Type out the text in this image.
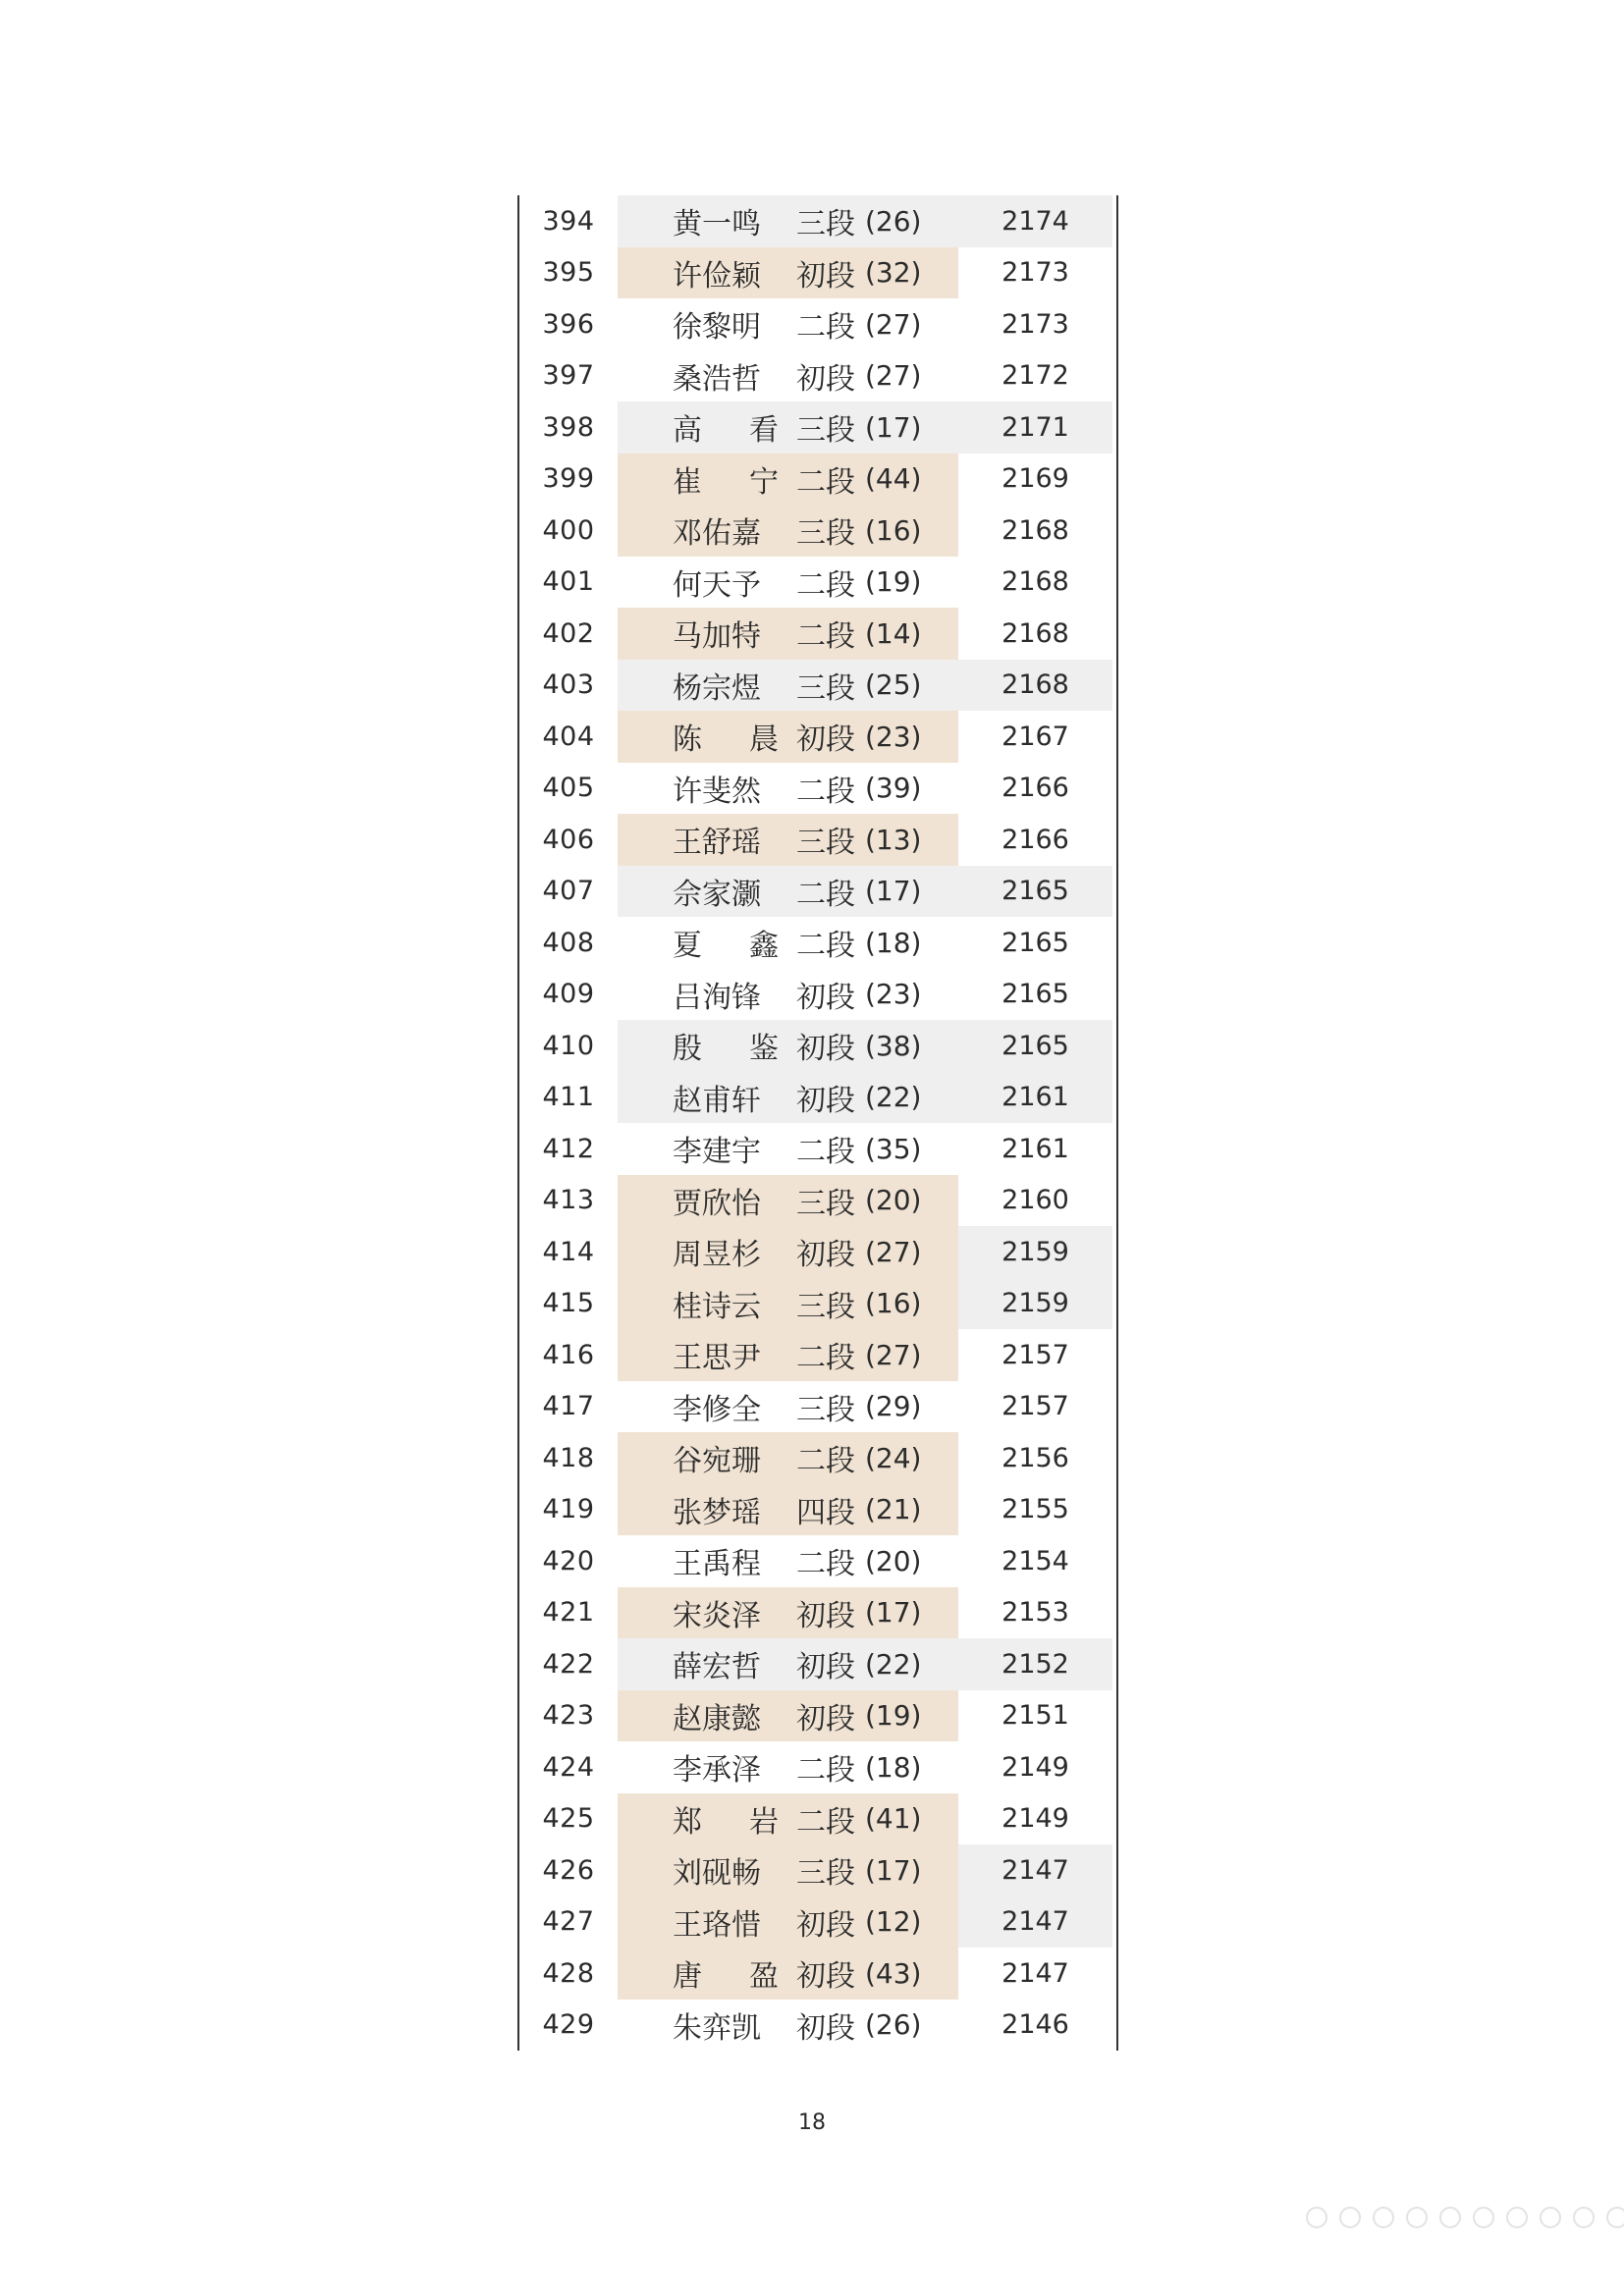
394	黄一鸣	三段 (26)	2174
395	许俭颖	初段 (32)	2173
396	徐黎明	二段 (27)	2173
397	桑浩哲	初段 (27)	2172
398	高 看 三段 (17)	2171
399	崔 宁 二段 (44)	2169
400	邓佑嘉	三段 (16)	2168
401	何天予	二段 (19)	2168
402	马加特	二段 (14)	2168
403	杨宗煜	三段 (25)	2168
404	陈 晨 初段 (23)	2167
405	许斐然	二段 (39)	2166
406	王舒瑶	三段 (13)	2166
407	佘家灏	二段 (17)	2165
408	夏 鑫 二段 (18)	2165
409	吕洵锋	初段 (23)	2165
410	殷 鉴 初段 (38)	2165
411	赵甫轩	初段 (22)	2161
412	李建宇	二段 (35)	2161
413	贾欣怡	三段 (20)	2160
414	周昱杉	初段 (27)	2159
415	桂诗云	三段 (16)	2159
416	王思尹	二段 (27)	2157
417	李修全	三段 (29)	2157
418	谷宛珊	二段 (24)	2156
419	张梦瑶	四段 (21)	2155
420	王禹程	二段 (20)	2154
421	宋炎泽	初段 (17)	2153
422	薛宏哲	初段 (22)	2152
423	赵康懿	初段 (19)	2151
424	李承泽	二段 (18)	2149
425	郑 岩 二段 (41)	2149
426	刘砚畅	三段 (17)	2147
427	王珞惜	初段 (12)	2147
428	唐 盈 初段 (43)	2147
429	朱弈凯	初段 (26)	2146
18
